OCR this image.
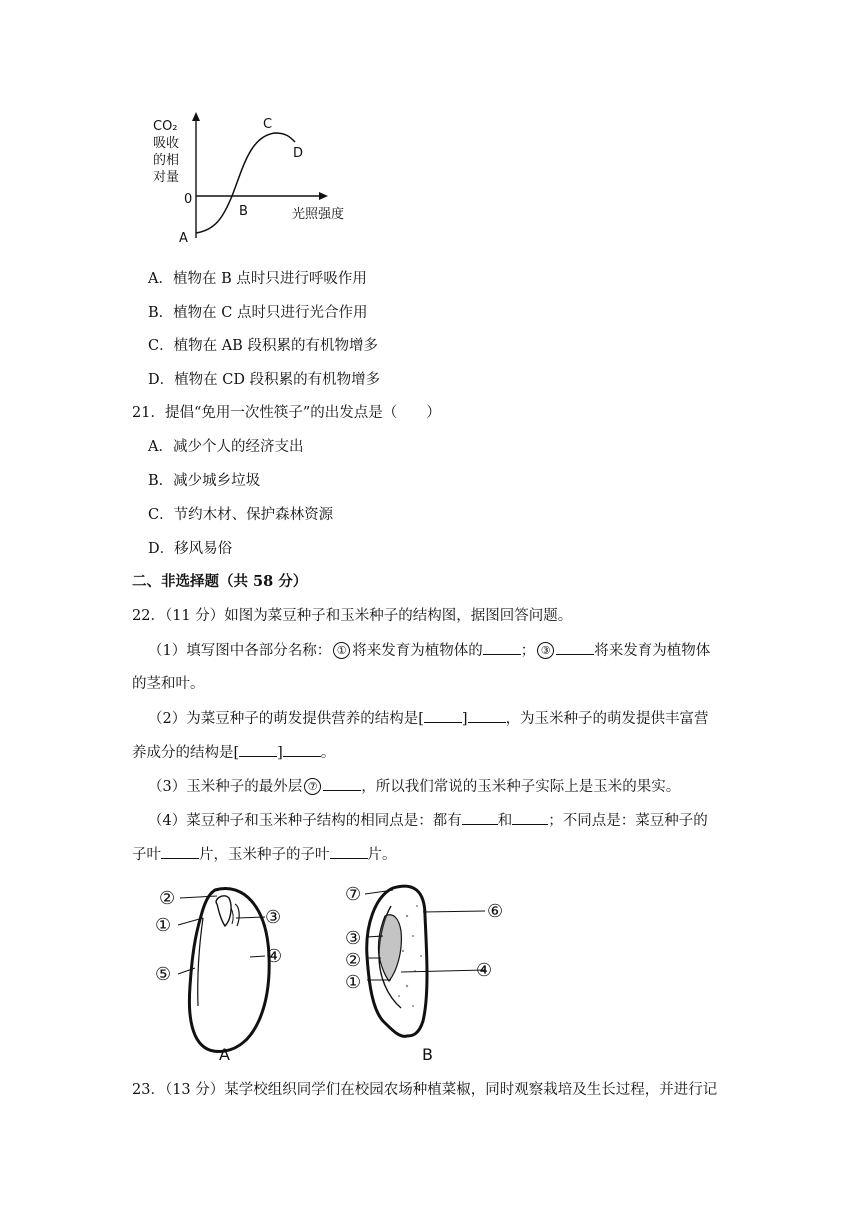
CO₂
吸收
的相
对量
0
光照强度
A
B
C
D
A．植物在 B 点时只进行呼吸作用
B．植物在 C 点时只进行光合作用
C．植物在 AB 段积累的有机物增多
D．植物在 CD 段积累的有机物增多
21．提倡“免用一次性筷子”的出发点是（　　）
A．减少个人的经济支出
B．减少城乡垃圾
C．节约木材、保护森林资源
D．移风易俗
二、非选择题（共 58 分）
22．（11 分）如图为菜豆种子和玉米种子的结构图，据图回答问题。
（1）填写图中各部分名称： ① 将来发育为植物体的	； ③	将来发育为植物体
的茎和叶。
（2）为菜豆种子的萌发提供营养的结构是[	]	，为玉米种子的萌发提供丰富营
养成分的结构是[	]	。
（3）玉米种子的最外层 ⑦	，所以我们常说的玉米种子实际上是玉米的果实。
（4）菜豆种子和玉米种子结构的相同点是：都有 和 ；不同点是：菜豆种子的
子叶	片，玉米种子的子叶	片。
②
①
⑤
③
④
A
⑦
③
②
①
⑥
④
B
23．（13 分）某学校组织同学们在校园农场种植菜椒，同时观察栽培及生长过程，并进行记
